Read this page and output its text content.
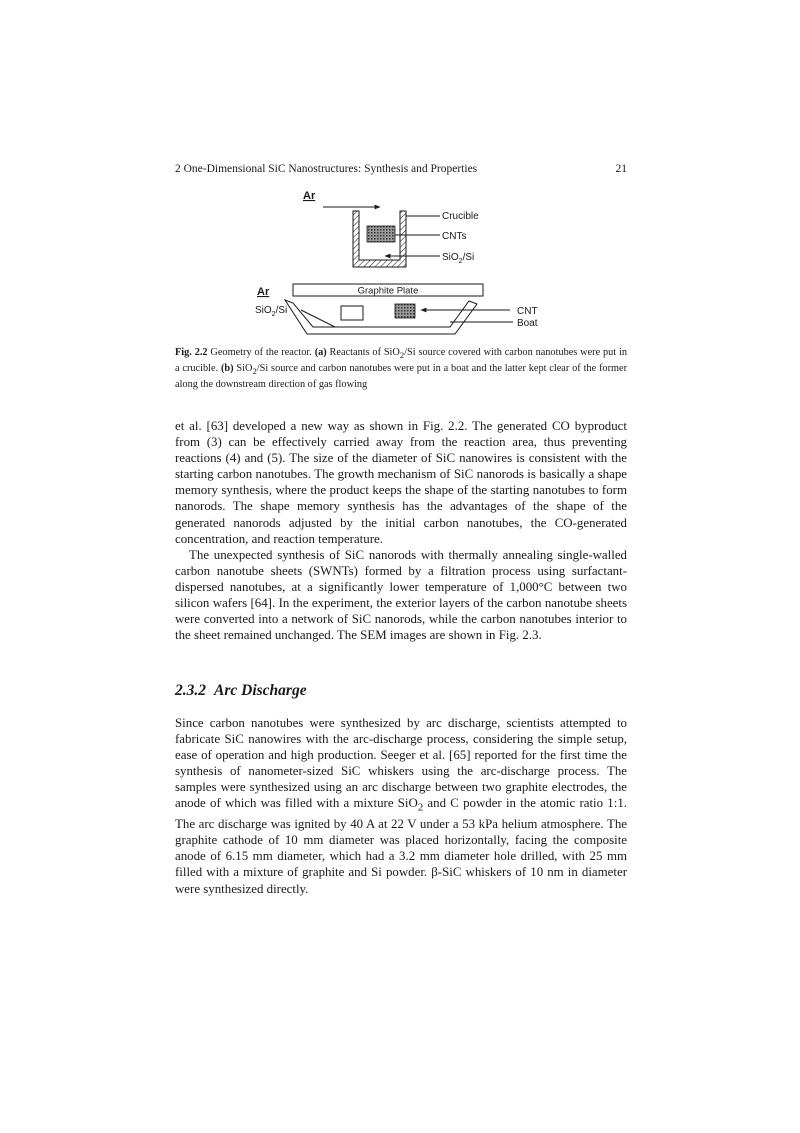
2 One-Dimensional SiC Nanostructures: Synthesis and Properties	21
Ar
Crucible
CNTs
SiO$_2$/Si
Ar	Graphite Plate
SiO$_2$/Si	CNT
Boat
Fig. 2.2 Geometry of the reactor. (a) Reactants of SiO$_2$/Si source covered with carbon nanotubes were put in a crucible. (b) SiO$_2$/Si source and carbon nanotubes were put in a boat and the latter kept clear of the former along the downstream direction of gas flowing

et al. [63] developed a new way as shown in Fig. 2.2. The generated CO byproduct from (3) can be effectively carried away from the reaction area, thus preventing reactions (4) and (5). The size of the diameter of SiC nanowires is consistent with the starting carbon nanotubes. The growth mechanism of SiC nanorods is basically a shape memory synthesis, where the product keeps the shape of the starting nanotubes to form nanorods. The shape memory synthesis has the advantages of the shape of the generated nanorods adjusted by the initial carbon nanotubes, the CO-generated concentration, and reaction temperature.

The unexpected synthesis of SiC nanorods with thermally annealing single-walled carbon nanotube sheets (SWNTs) formed by a filtration process using surfactant-dispersed nanotubes, at a significantly lower temperature of 1,000°C between two silicon wafers [64]. In the experiment, the exterior layers of the carbon nanotube sheets were converted into a network of SiC nanorods, while the carbon nanotubes interior to the sheet remained unchanged. The SEM images are shown in Fig. 2.3.

2.3.2 Arc Discharge

Since carbon nanotubes were synthesized by arc discharge, scientists attempted to fabricate SiC nanowires with the arc-discharge process, considering the simple setup, ease of operation and high production. Seeger et al. [65] reported for the first time the synthesis of nanometer-sized SiC whiskers using the arc-discharge process. The samples were synthesized using an arc discharge between two graphite electrodes, the anode of which was filled with a mixture SiO$_2$ and C powder in the atomic ratio 1:1. The arc discharge was ignited by 40 A at 22 V under a 53 kPa helium atmosphere. The graphite cathode of 10 mm diameter was placed horizontally, facing the composite anode of 6.15 mm diameter, which had a 3.2 mm diameter hole drilled, with 25 mm filled with a mixture of graphite and Si powder. β-SiC whiskers of 10 nm in diameter were synthesized directly.
